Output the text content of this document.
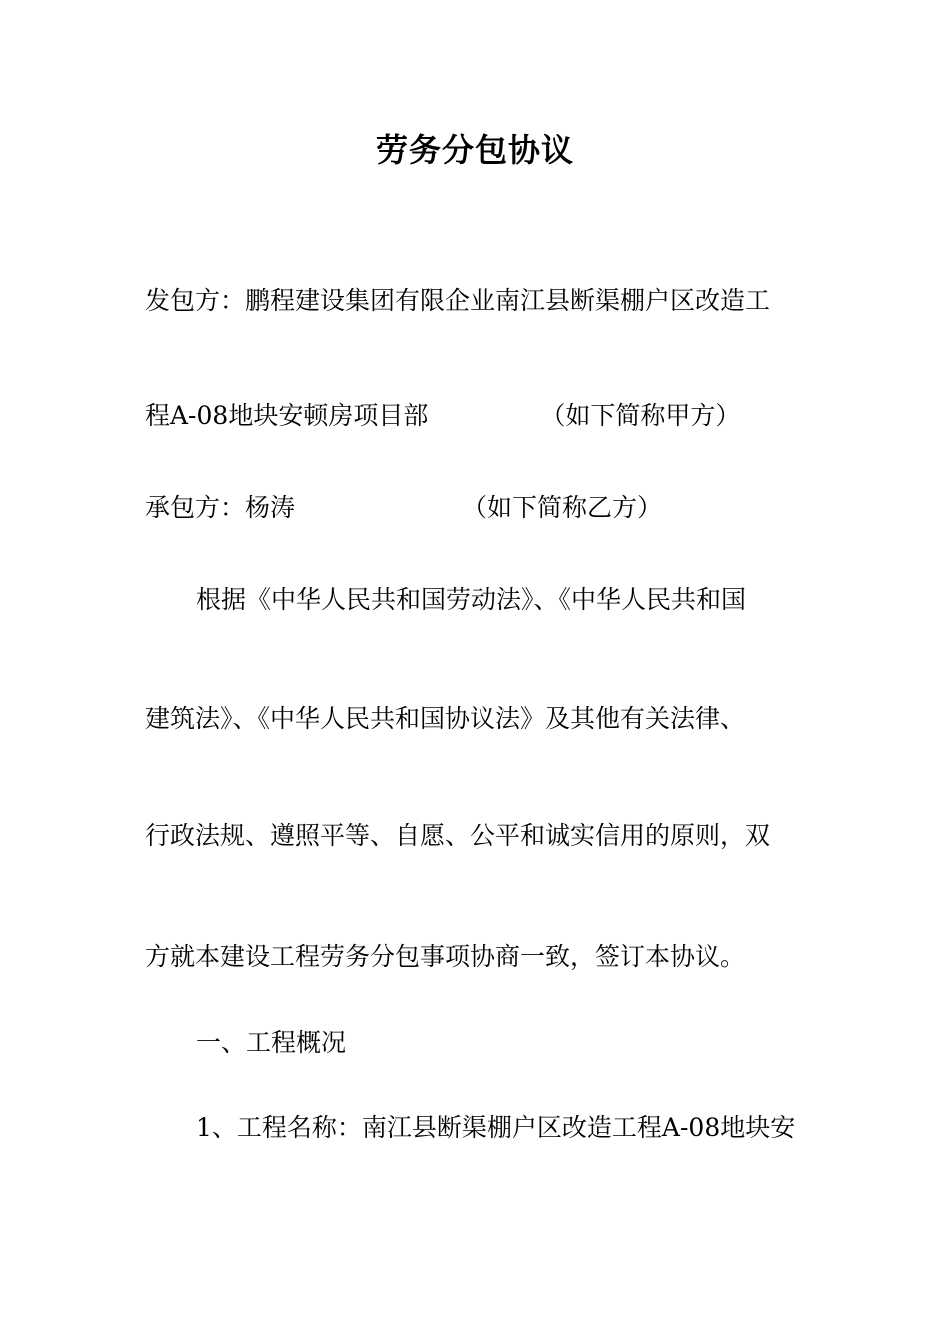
劳务分包协议
发包方：鹏程建设集团有限企业南江县断渠棚户区改造工
程A-08地块安顿房项目部	（如下简称甲方）
承包方：杨涛	（如下简称乙方）
根据《中华人民共和国劳动法》、《中华人民共和国
建筑法》、《中华人民共和国协议法》及其他有关法律、
行政法规、遵照平等、自愿、公平和诚实信用的原则，双
方就本建设工程劳务分包事项协商一致，签订本协议。
一、工程概况
1、工程名称：南江县断渠棚户区改造工程A-08地块安
